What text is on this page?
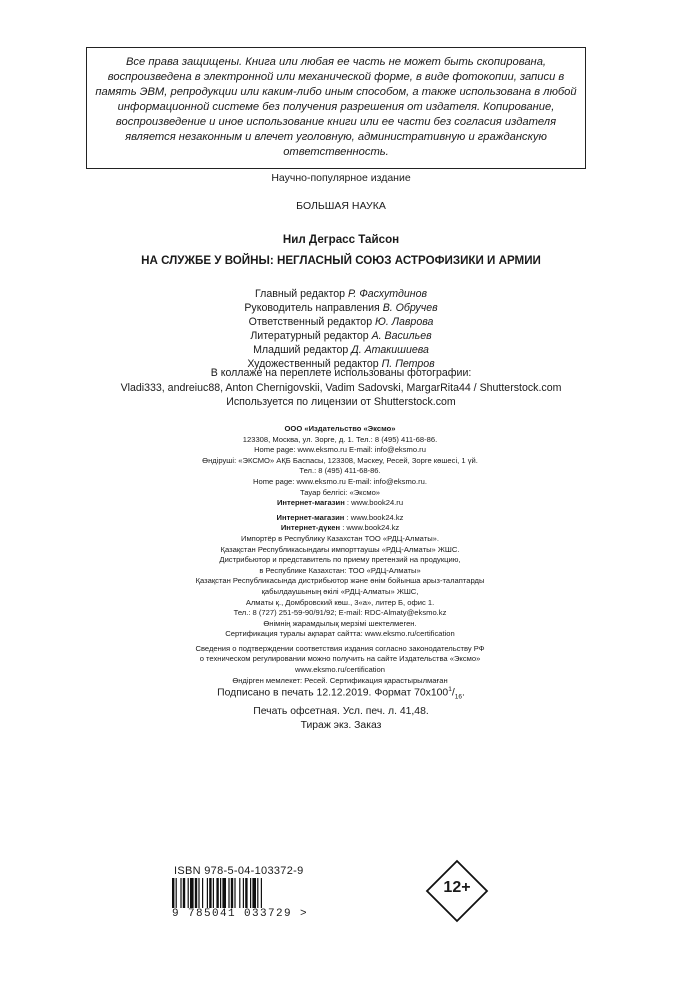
Все права защищены. Книга или любая ее часть не может быть скопирована, воспроизведена в электронной или механической форме, в виде фотокопии, записи в память ЭВМ, репродукции или каким-либо иным способом, а также использована в любой информационной системе без получения разрешения от издателя. Копирование, воспроизведение и иное использование книги или ее части без согласия издателя является незаконным и влечет уголовную, административную и гражданскую ответственность.
Научно-популярное издание
БОЛЬШАЯ НАУКА
Нил Деграсс Тайсон
НА СЛУЖБЕ У ВОЙНЫ: НЕГЛАСНЫЙ СОЮЗ АСТРОФИЗИКИ И АРМИИ
Главный редактор Р. Фасхутдинов
Руководитель направления В. Обручев
Ответственный редактор Ю. Лаврова
Литературный редактор А. Васильев
Младший редактор Д. Атакишиева
Художественный редактор П. Петров
В коллаже на переплете использованы фотографии:
Vladi333, andreiuc88, Anton Chernigovskii, Vadim Sadovski, MargarRita44 / Shutterstock.com
Используется по лицензии от Shutterstock.com
ООО «Издательство «Эксмо»
123308, Москва, ул. Зорге, д. 1. Тел.: 8 (495) 411-68-86.
Home page: www.eksmo.ru E-mail: info@eksmo.ru
Өндіруші: «ЭКСМО» АҚБ Баспасы, 123308, Мәскеу, Ресей, Зорге көшесі, 1 үй.
Тел.: 8 (495) 411-68-86.
Home page: www.eksmo.ru E-mail: info@eksmo.ru.
Тауар белгісі: «Эксмо»
Интернет-магазин : www.book24.ru
Интернет-магазин : www.book24.kz
Интернет-дүкен : www.book24.kz
Импортёр в Республику Казахстан ТОО «РДЦ-Алматы».
Қазақстан Республикасындағы импорттаушы «РДЦ-Алматы» ЖШС.
Дистрибьютор и представитель по приему претензий на продукцию,
в Республике Казахстан: ТОО «РДЦ-Алматы»
Қазақстан Республикасында дистрибьютор және өнім бойынша арыз-талаптарды
қабылдаушының өкілі «РДЦ-Алматы» ЖШС,
Алматы қ., Домбровский көш., 3«а», литер Б, офис 1.
Тел.: 8 (727) 251-59-90/91/92; E-mail: RDC-Almaty@eksmo.kz
Өнімнің жарамдылық мерзімі шектелмеген.
Сертификация туралы ақпарат сайтта: www.eksmo.ru/certification
Сведения о подтверждении соответствия издания согласно законодательству РФ
о техническом регулировании можно получить на сайте Издательства «Эксмо»
www.eksmo.ru/certification
Өндірген мемлекет: Ресей. Сертификация қарастырылмаған
Подписано в печать 12.12.2019. Формат $70x100^1/_{16}$.
Печать офсетная. Усл. печ. л. 41,48.
Тираж экз. Заказ
ISBN 978-5-04-103372-9
9 785041 033729 >
12+
